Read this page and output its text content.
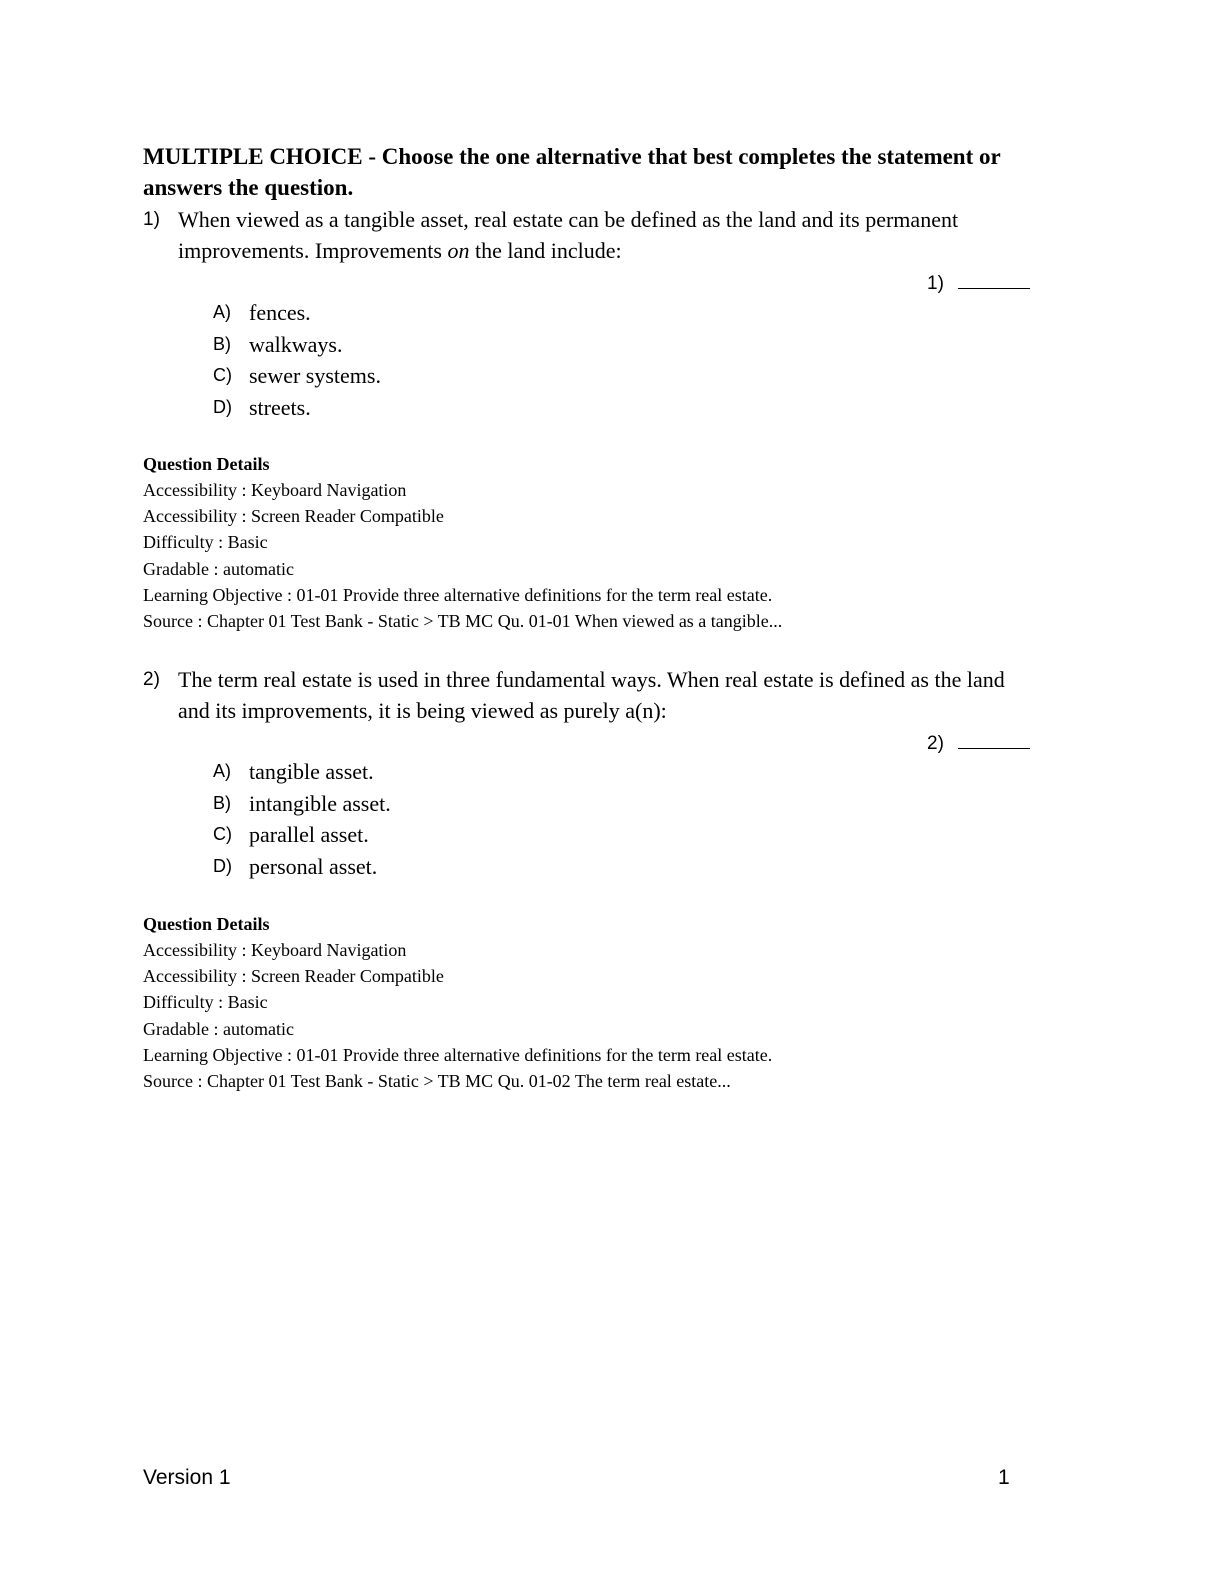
MULTIPLE CHOICE - Choose the one alternative that best completes the statement or answers the question.
1) When viewed as a tangible asset, real estate can be defined as the land and its permanent improvements. Improvements on the land include:
1)
A) fences.
B) walkways.
C) sewer systems.
D) streets.
Question Details
Accessibility : Keyboard Navigation
Accessibility : Screen Reader Compatible
Difficulty : Basic
Gradable : automatic
Learning Objective : 01-01 Provide three alternative definitions for the term real estate.
Source : Chapter 01 Test Bank - Static > TB MC Qu. 01-01 When viewed as a tangible...
2) The term real estate is used in three fundamental ways. When real estate is defined as the land and its improvements, it is being viewed as purely a(n):
2)
A) tangible asset.
B) intangible asset.
C) parallel asset.
D) personal asset.
Question Details
Accessibility : Keyboard Navigation
Accessibility : Screen Reader Compatible
Difficulty : Basic
Gradable : automatic
Learning Objective : 01-01 Provide three alternative definitions for the term real estate.
Source : Chapter 01 Test Bank - Static > TB MC Qu. 01-02 The term real estate...
Version 1	1
